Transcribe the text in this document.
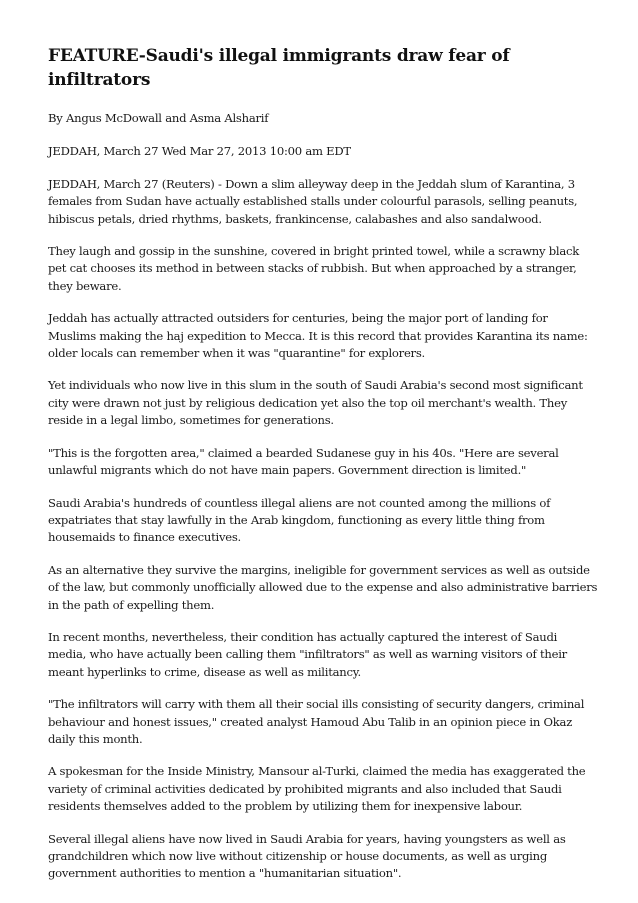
FEATURE-Saudi's illegal immigrants draw fear of infiltrators

By Angus McDowall and Asma Alsharif

JEDDAH, March 27 Wed Mar 27, 2013 10:00 am EDT

JEDDAH, March 27 (Reuters) - Down a slim alleyway deep in the Jeddah slum of Karantina, 3 females from Sudan have actually established stalls under colourful parasols, selling peanuts, hibiscus petals, dried rhythms, baskets, frankincense, calabashes and also sandalwood.

They laugh and gossip in the sunshine, covered in bright printed towel, while a scrawny black pet cat chooses its method in between stacks of rubbish. But when approached by a stranger, they beware.

Jeddah has actually attracted outsiders for centuries, being the major port of landing for Muslims making the haj expedition to Mecca. It is this record that provides Karantina its name: older locals can remember when it was "quarantine" for explorers.

Yet individuals who now live in this slum in the south of Saudi Arabia's second most significant city were drawn not just by religious dedication yet also the top oil merchant's wealth. They reside in a legal limbo, sometimes for generations.

"This is the forgotten area," claimed a bearded Sudanese guy in his 40s. "Here are several unlawful migrants which do not have main papers. Government direction is limited."

Saudi Arabia's hundreds of countless illegal aliens are not counted among the millions of expatriates that stay lawfully in the Arab kingdom, functioning as every little thing from housemaids to finance executives.

As an alternative they survive the margins, ineligible for government services as well as outside of the law, but commonly unofficially allowed due to the expense and also administrative barriers in the path of expelling them.

In recent months, nevertheless, their condition has actually captured the interest of Saudi media, who have actually been calling them "infiltrators" as well as warning visitors of their meant hyperlinks to crime, disease as well as militancy.

"The infiltrators will carry with them all their social ills consisting of security dangers, criminal behaviour and honest issues," created analyst Hamoud Abu Talib in an opinion piece in Okaz daily this month.

A spokesman for the Inside Ministry, Mansour al-Turki, claimed the media has exaggerated the variety of criminal activities dedicated by prohibited migrants and also included that Saudi residents themselves added to the problem by utilizing them for inexpensive labour.

Several illegal aliens have now lived in Saudi Arabia for years, having youngsters as well as grandchildren which now live without citizenship or house documents, as well as urging government authorities to mention a "humanitarian situation".
